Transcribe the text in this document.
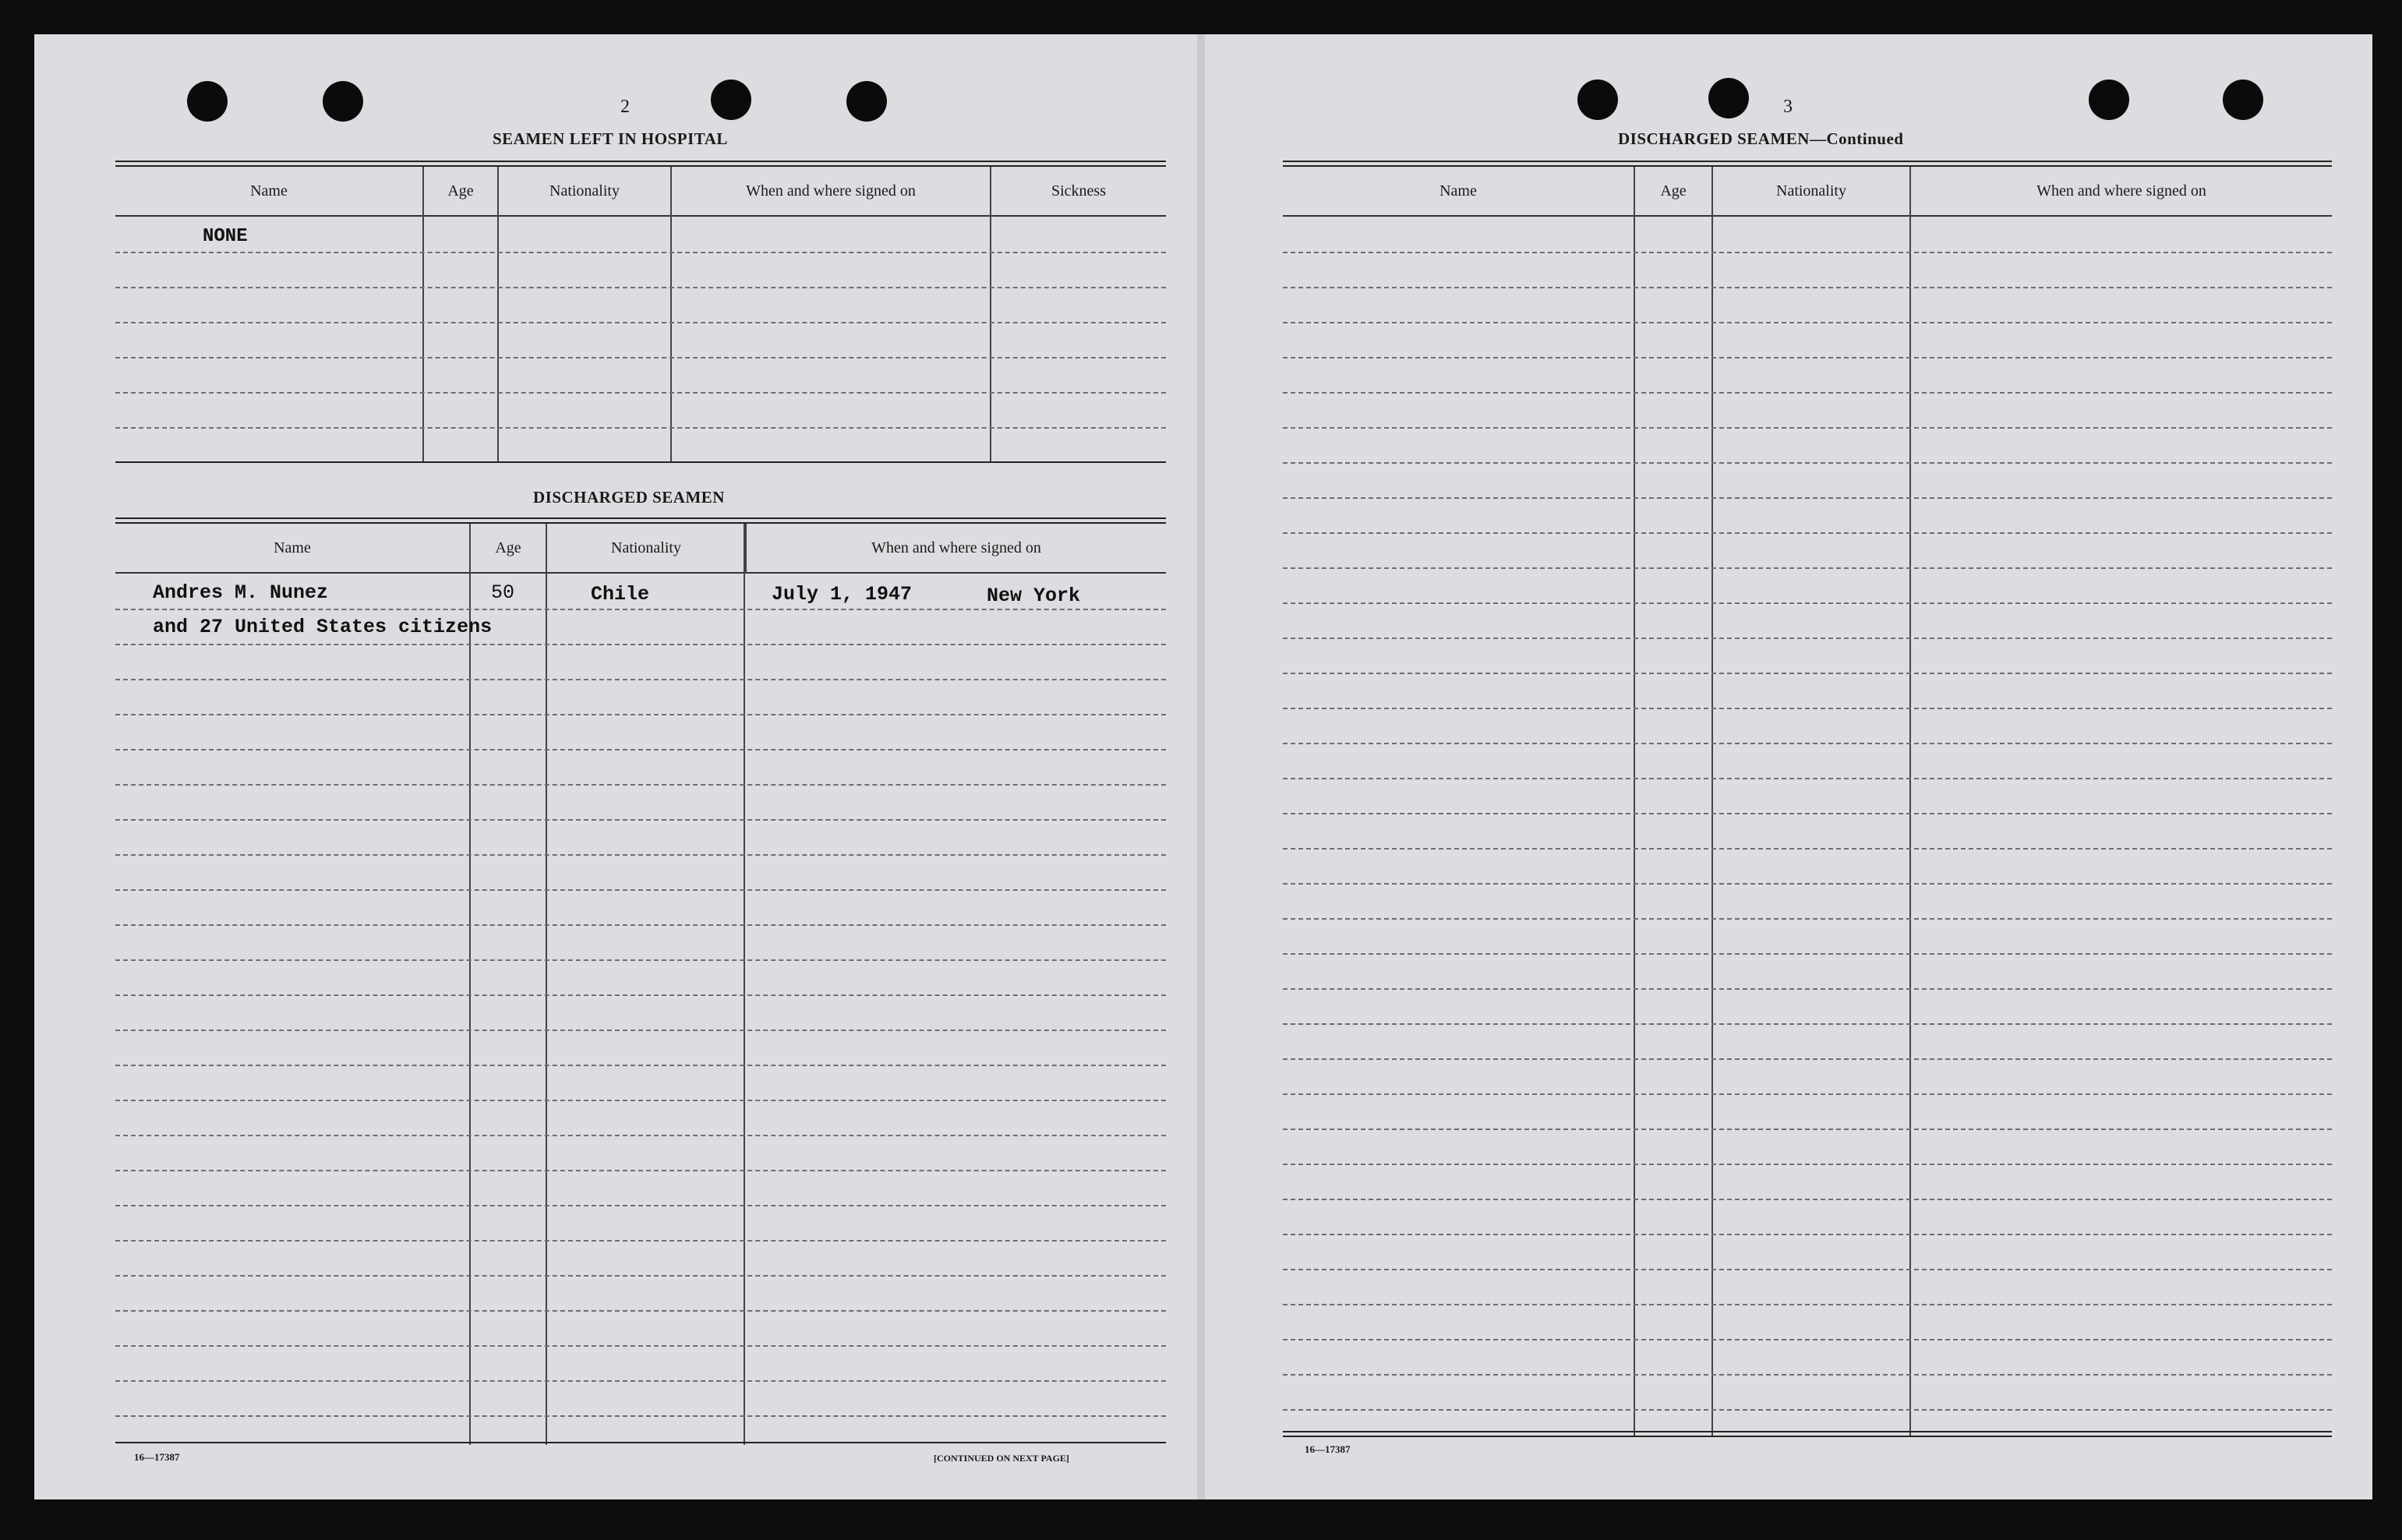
2
SEAMEN LEFT IN HOSPITAL
Name	Age	Nationality	When and where signed on	Sickness
NONE
DISCHARGED SEAMEN
Name	Age	Nationality	When and where signed on
Andres M. Nunez	50	Chile	July 1, 1947	New York
and 27 United States citizens
16—17387	[CONTINUED ON NEXT PAGE]
3
DISCHARGED SEAMEN—Continued
Name	Age	Nationality	When and where signed on
16—17387
